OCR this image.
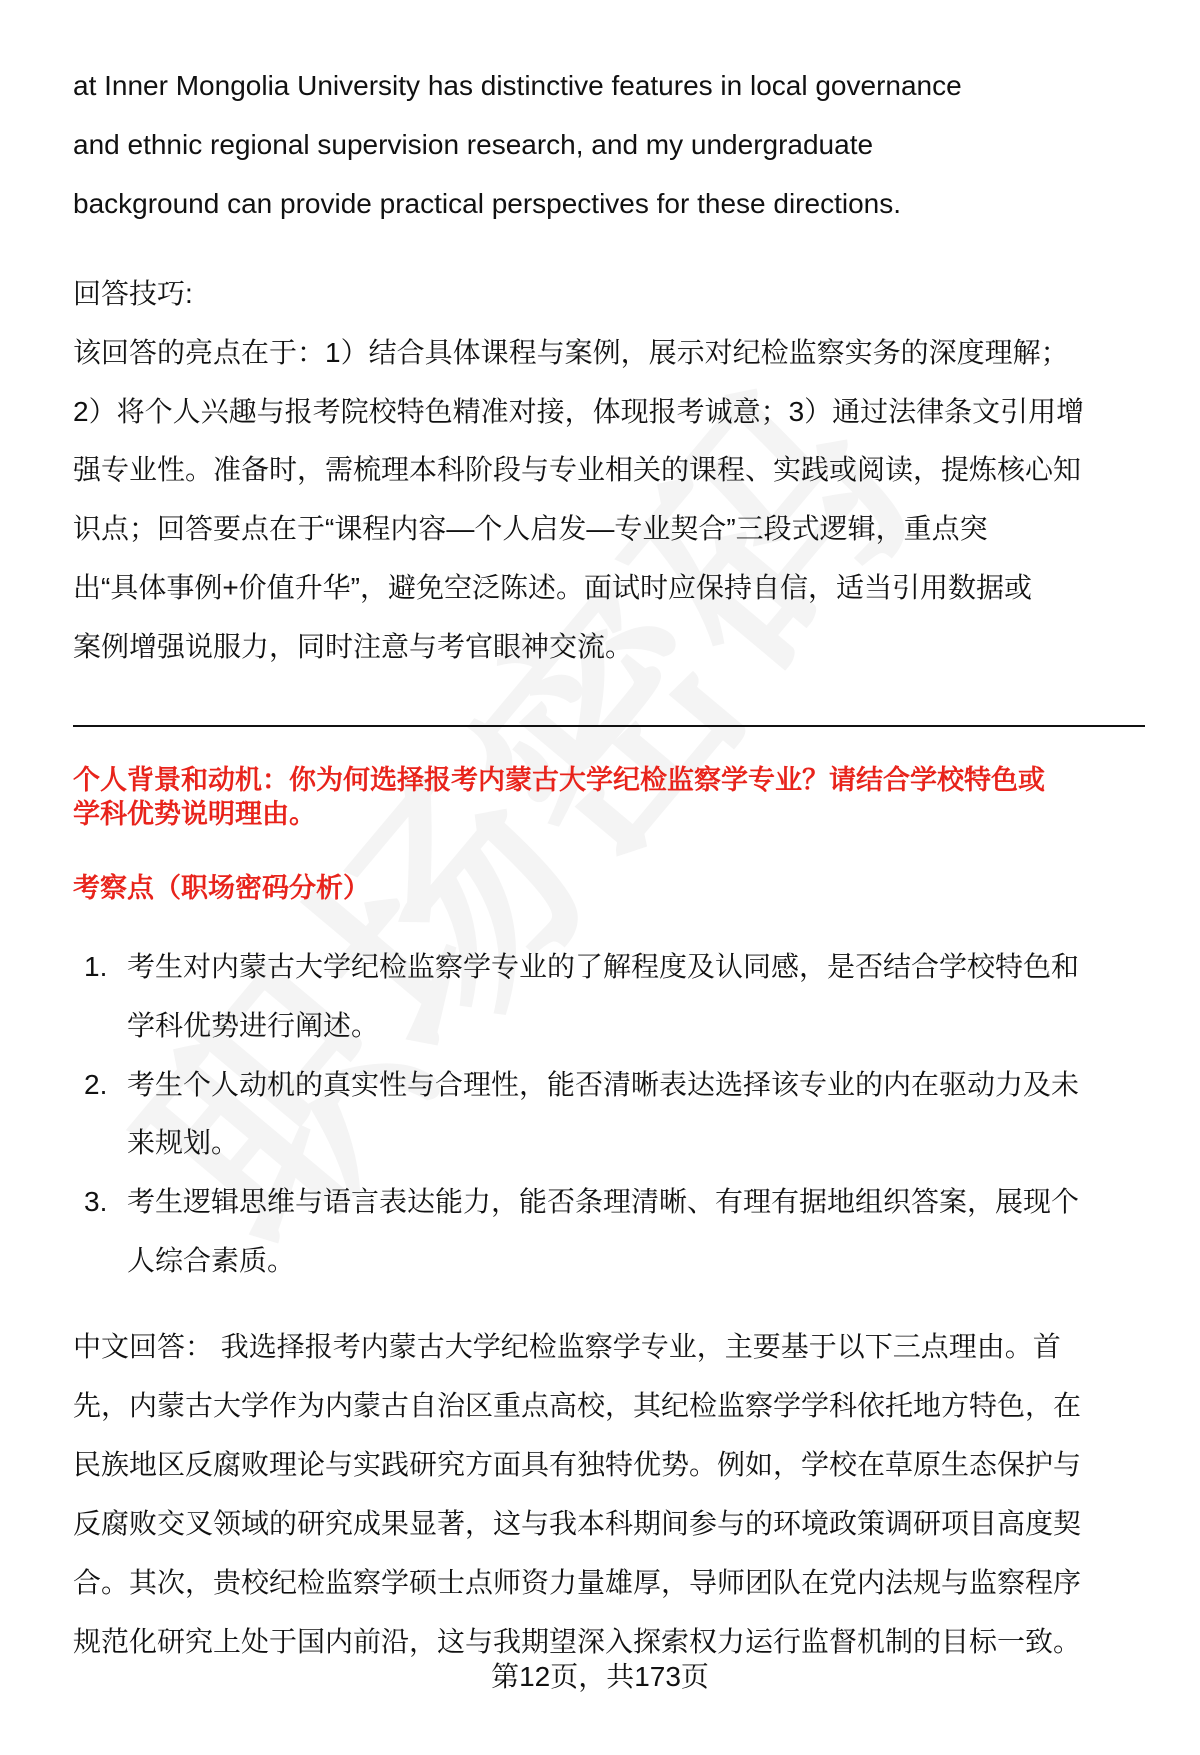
at Inner Mongolia University has distinctive features in local governance
and ethnic regional supervision research, and my undergraduate
background can provide practical perspectives for these directions.
回答技巧:
该回答的亮点在于：1）结合具体课程与案例，展示对纪检监察实务的深度理解；
2）将个人兴趣与报考院校特色精准对接，体现报考诚意；3）通过法律条文引用增
强专业性。准备时，需梳理本科阶段与专业相关的课程、实践或阅读，提炼核心知
识点；回答要点在于“课程内容—个人启发—专业契合”三段式逻辑，重点突
出“具体事例+价值升华”，避免空泛陈述。面试时应保持自信，适当引用数据或
案例增强说服力，同时注意与考官眼神交流。
个人背景和动机：你为何选择报考内蒙古大学纪检监察学专业？请结合学校特色或
学科优势说明理由。
考察点（职场密码分析）
1. 考生对内蒙古大学纪检监察学专业的了解程度及认同感，是否结合学校特色和
学科优势进行阐述。
2. 考生个人动机的真实性与合理性，能否清晰表达选择该专业的内在驱动力及未
来规划。
3. 考生逻辑思维与语言表达能力，能否条理清晰、有理有据地组织答案，展现个
人综合素质。
中文回答： 我选择报考内蒙古大学纪检监察学专业，主要基于以下三点理由。首
先，内蒙古大学作为内蒙古自治区重点高校，其纪检监察学学科依托地方特色，在
民族地区反腐败理论与实践研究方面具有独特优势。例如，学校在草原生态保护与
反腐败交叉领域的研究成果显著，这与我本科期间参与的环境政策调研项目高度契
合。其次，贵校纪检监察学硕士点师资力量雄厚，导师团队在党内法规与监察程序
规范化研究上处于国内前沿，这与我期望深入探索权力运行监督机制的目标一致。
第12页，共173页
